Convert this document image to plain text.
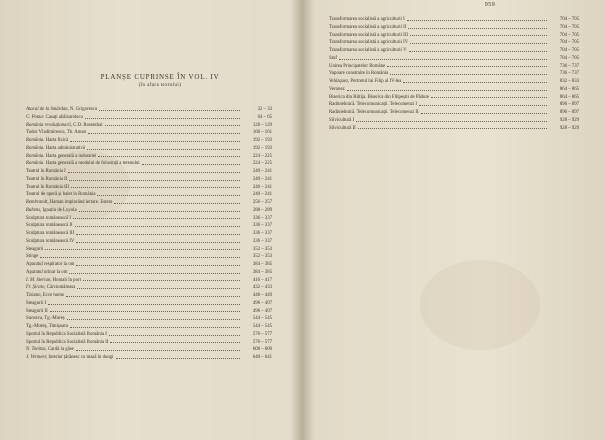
PLANȘE CUPRINSE ÎN VOL. IV
(în afara textului)
Atacul de la Smârdan, N. Grigorescu	32 – 33
C. Poma: Casați abălzaroleca	64 – 65
România revoluționară, C.D. Rosenthal	128 – 129
Tudor Vladimirescu, Th. Aman	160 – 161
România. Harta fizică	192 – 193
România. Harta administrativă	192 – 193
România. Harta generală a industriei	224 – 225
România. Harta generală a modului de folosință a terenului	224 – 225
Teatrul în România I	240 – 241
Teatrul în România II	240 – 241
Teatrul în România III	240 – 241
Teatrul de operă și balet în România	240 – 241
Rembrandt, Haman implorând iertare. Estera	256 – 257
Rubens, Ignațiu de Loyola	288 – 289
Sculptura românească I	336 – 337
Sculptura românească II	336 – 337
Sculptura românească III	336 – 337
Sculptura românească IV	336 – 337
Steagurii	352 – 353
Stinge	352 – 353
Aparatul respirator la om	384 – 385
Aparatul urinar la om	384 – 385
I. M. Sterian, Homali în port	416 – 417
Fr. Șirato, Cârciumăreasa	432 – 433
Tiziano, Ecce homo	448 – 449
Steagurii I	496 – 497
Steagurii II	496 – 497
Suceava, Tg.-Mureș	544 – 545
Tg.-Mureș, Timișoara	544 – 545
Sportul în Republica Socialistă România I	576 – 577
Sportul în Republica Socialistă România II	576 – 577
N. Tonitza, Cardă la gâse	608 – 609
J. Vermeer, Interior țărănesc cu masă în dungi	640 – 641
959
Transformarea socialistă a agriculturii I	704 – 705
Transformarea socialistă a agriculturii II	704 – 705
Transformarea socialistă a agriculturii III	704 – 705
Transformarea socialistă a agriculturii IV	704 – 705
Transformarea socialistă a agriculturii V	704 – 705
Stuf	704 – 705
Unirea Principatelor Române	736 – 737
Vapoare construite în România	736 – 737
Velázquez, Portretul lui Filip al IV-lea	832 – 833
Veronez	864 – 865
Biserica din Biltija. Biserica din Filipeștii de Pădure	864 – 865
Radiotehnică. Telecomunicații. Telecomenzi I	896 – 897
Radiotehnică. Telecomunicații. Telecomenzi II	896 – 897
Silvicultură I	928 – 929
Silvicultură II	928 – 929
